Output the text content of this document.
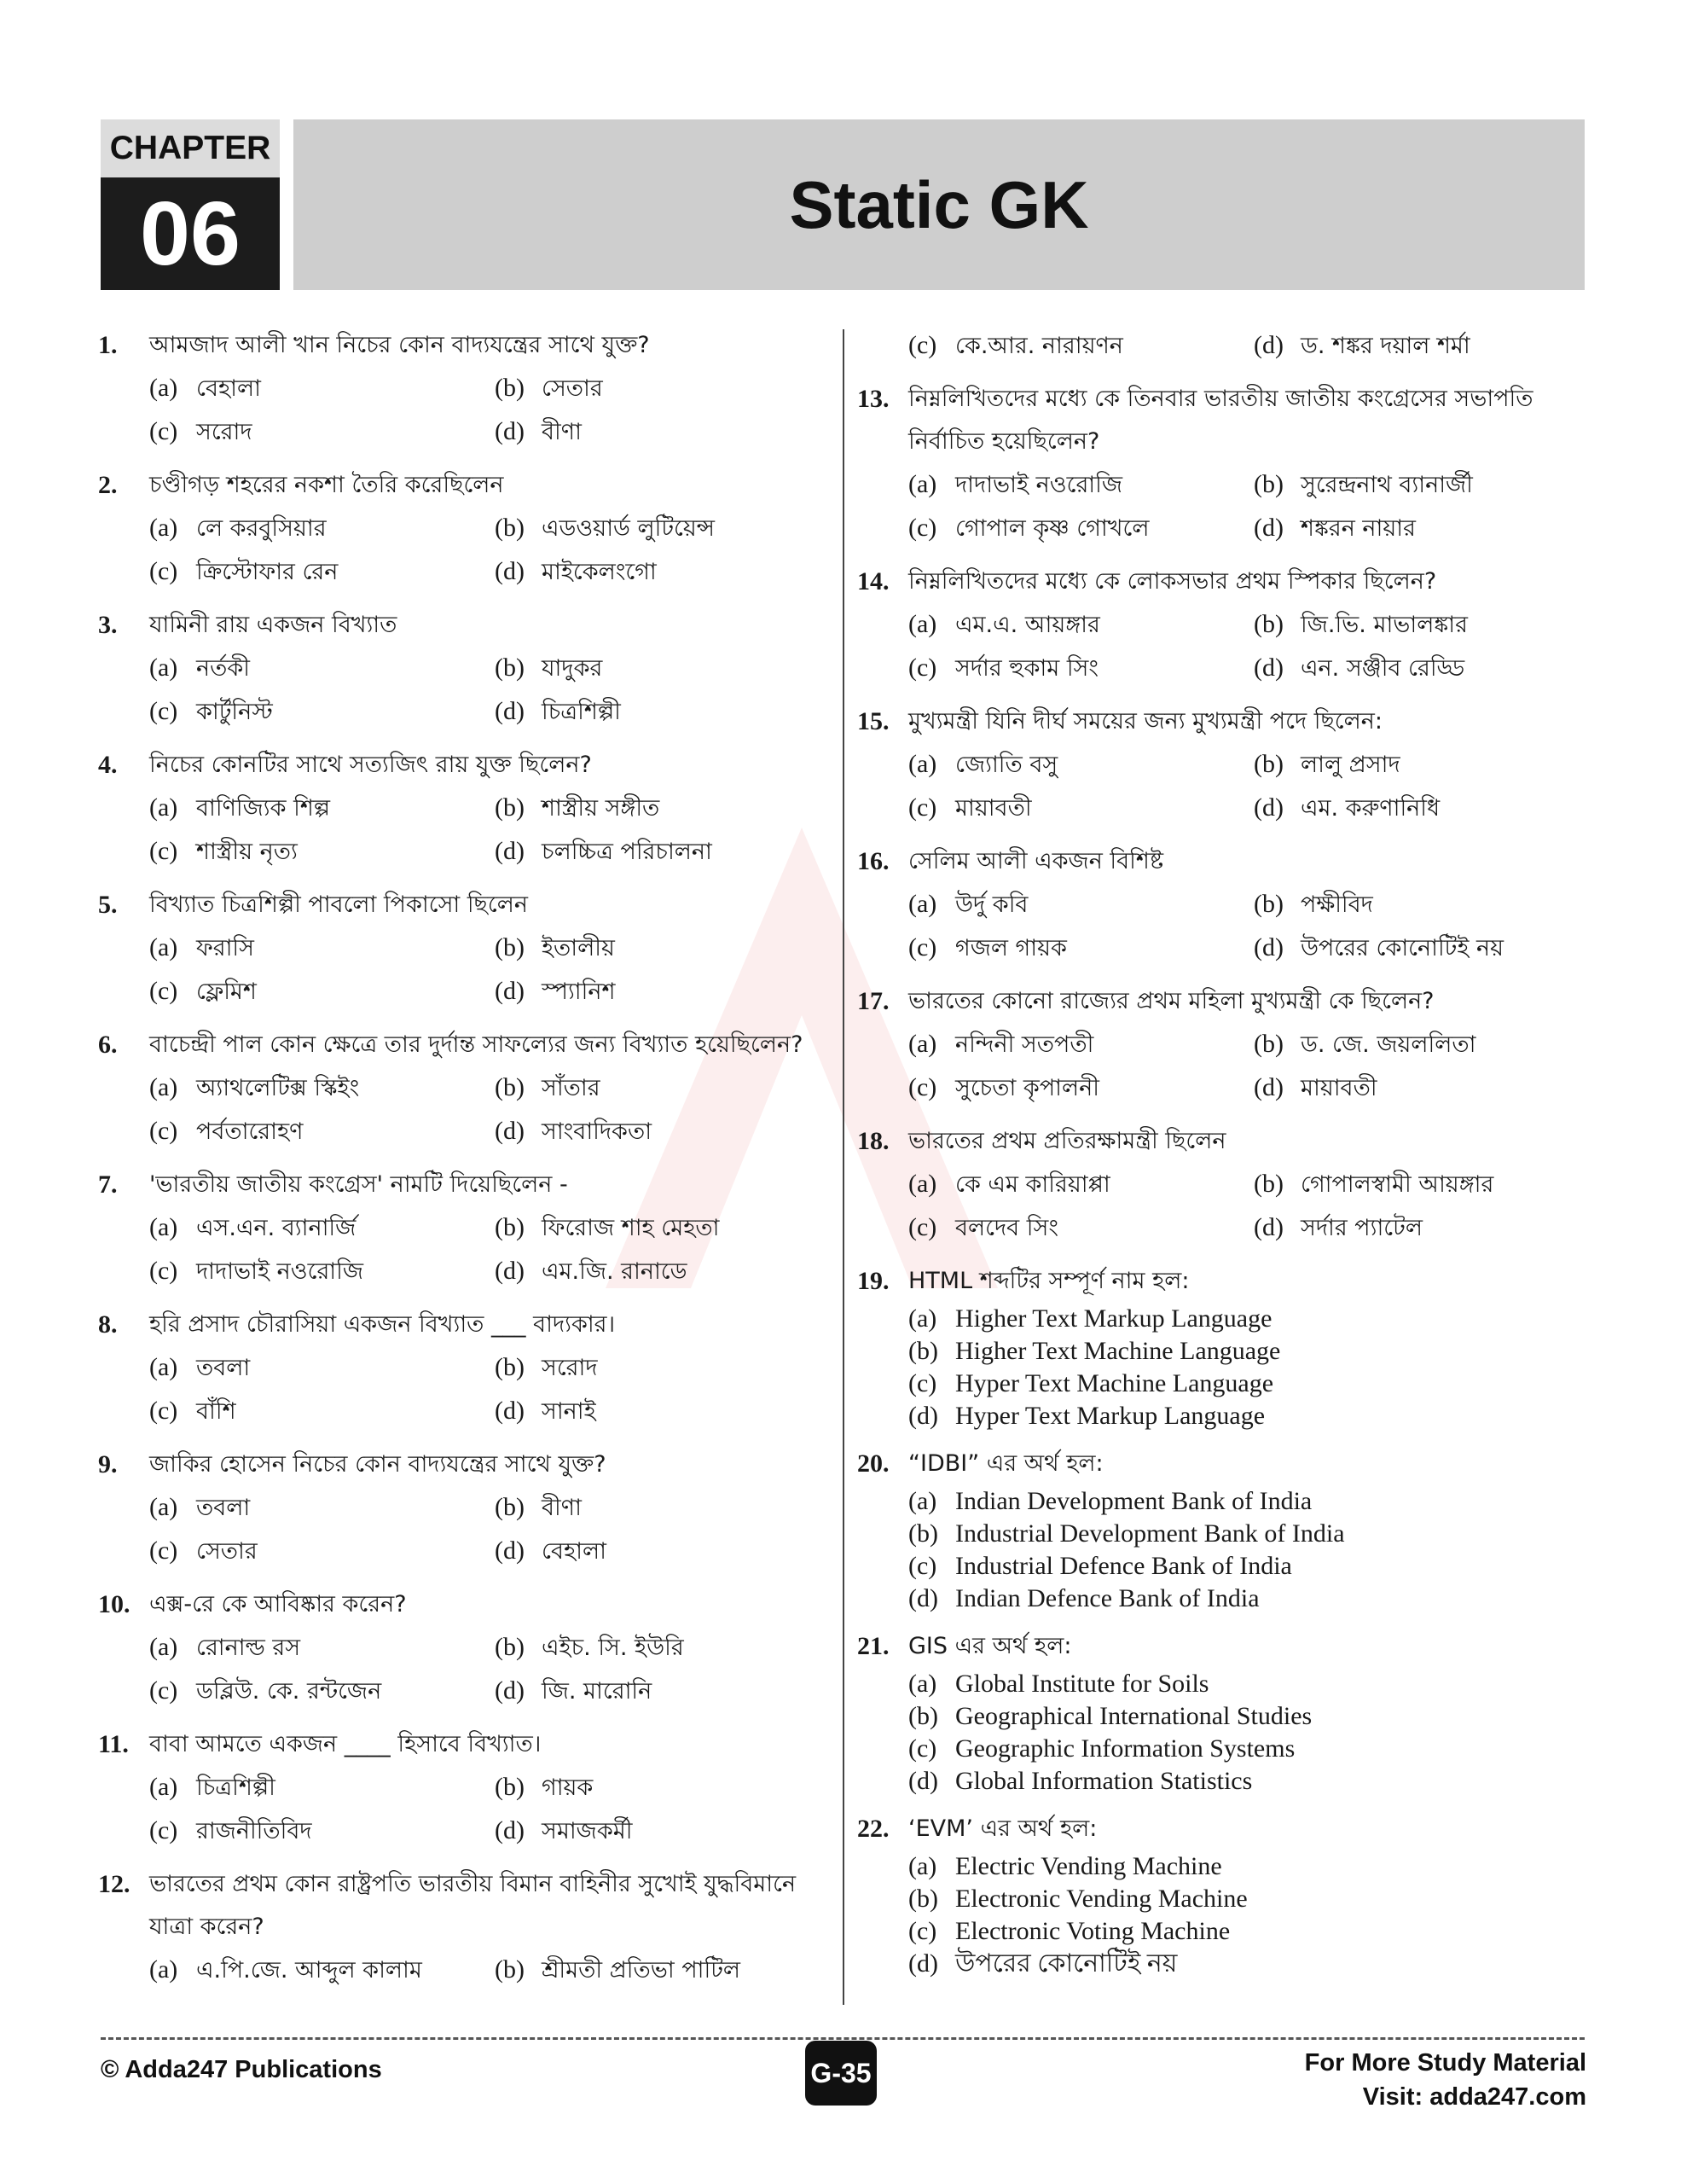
CHAPTER
06	Static GK
1. আমজাদ আলী খান নিচের কোন বাদ্যযন্ত্রের সাথে যুক্ত?
(a) বেহালা	(b) সেতার
(c) সরোদ	(d) বীণা
2. চণ্ডীগড় শহরের নকশা তৈরি করেছিলেন
(a) লে করবুসিয়ার	(b) এডওয়ার্ড লুটিয়েন্স
(c) ক্রিস্টোফার রেন	(d) মাইকেলংগো
3. যামিনী রায় একজন বিখ্যাত
(a) নর্তকী	(b) যাদুকর
(c) কার্টুনিস্ট	(d) চিত্রশিল্পী
4. নিচের কোনটির সাথে সত্যজিৎ রায় যুক্ত ছিলেন?
(a) বাণিজ্যিক শিল্প	(b) শাস্ত্রীয় সঙ্গীত
(c) শাস্ত্রীয় নৃত্য	(d) চলচ্চিত্র পরিচালনা
5. বিখ্যাত চিত্রশিল্পী পাবলো পিকাসো ছিলেন
(a) ফরাসি	(b) ইতালীয়
(c) ফ্লেমিশ	(d) স্প্যানিশ
6. বাচেন্দ্রী পাল কোন ক্ষেত্রে তার দুর্দান্ত সাফল্যের জন্য বিখ্যাত হয়েছিলেন?
(a) অ্যাথলেটিক্স স্কিইং	(b) সাঁতার
(c) পর্বতারোহণ	(d) সাংবাদিকতা
7. 'ভারতীয় জাতীয় কংগ্রেস' নামটি দিয়েছিলেন -
(a) এস.এন. ব্যানার্জি	(b) ফিরোজ শাহ মেহতা
(c) দাদাভাই নওরোজি	(d) এম.জি. রানাডে
8. হরি প্রসাদ চৌরাসিয়া একজন বিখ্যাত ___ বাদ্যকার।
(a) তবলা	(b) সরোদ
(c) বাঁশি	(d) সানাই
9. জাকির হোসেন নিচের কোন বাদ্যযন্ত্রের সাথে যুক্ত?
(a) তবলা	(b) বীণা
(c) সেতার	(d) বেহালা
10. এক্স-রে কে আবিষ্কার করেন?
(a) রোনাল্ড রস	(b) এইচ. সি. ইউরি
(c) ডব্লিউ. কে. রন্টজেন	(d) জি. মারোনি
11. বাবা আমতে একজন ____ হিসাবে বিখ্যাত।
(a) চিত্রশিল্পী	(b) গায়ক
(c) রাজনীতিবিদ	(d) সমাজকর্মী
12. ভারতের প্রথম কোন রাষ্ট্রপতি ভারতীয় বিমান বাহিনীর সুখোই যুদ্ধবিমানে যাত্রা করেন?
(a) এ.পি.জে. আব্দুল কালাম	(b) শ্রীমতী প্রতিভা পাটিল
(c) কে.আর. নারায়ণন	(d) ড. শঙ্কর দয়াল শর্মা
13. নিম্নলিখিতদের মধ্যে কে তিনবার ভারতীয় জাতীয় কংগ্রেসের সভাপতি নির্বাচিত হয়েছিলেন?
(a) দাদাভাই নওরোজি	(b) সুরেন্দ্রনাথ ব্যানার্জী
(c) গোপাল কৃষ্ণ গোখলে	(d) শঙ্করন নায়ার
14. নিম্নলিখিতদের মধ্যে কে লোকসভার প্রথম স্পিকার ছিলেন?
(a) এম.এ. আয়ঙ্গার	(b) জি.ভি. মাভালঙ্কার
(c) সর্দার হুকাম সিং	(d) এন. সঞ্জীব রেড্ডি
15. মুখ্যমন্ত্রী যিনি দীর্ঘ সময়ের জন্য মুখ্যমন্ত্রী পদে ছিলেন:
(a) জ্যোতি বসু	(b) লালু প্রসাদ
(c) মায়াবতী	(d) এম. করুণানিধি
16. সেলিম আলী একজন বিশিষ্ট
(a) উর্দু কবি	(b) পক্ষীবিদ
(c) গজল গায়ক	(d) উপরের কোনোটিই নয়
17. ভারতের কোনো রাজ্যের প্রথম মহিলা মুখ্যমন্ত্রী কে ছিলেন?
(a) নন্দিনী সতপতী	(b) ড. জে. জয়ললিতা
(c) সুচেতা কৃপালনী	(d) মায়াবতী
18. ভারতের প্রথম প্রতিরক্ষামন্ত্রী ছিলেন
(a) কে এম কারিয়াপ্পা	(b) গোপালস্বামী আয়ঙ্গার
(c) বলদেব সিং	(d) সর্দার প্যাটেল
19. HTML শব্দটির সম্পূর্ণ নাম হল:
(a) Higher Text Markup Language
(b) Higher Text Machine Language
(c) Hyper Text Machine Language
(d) Hyper Text Markup Language
20. “IDBI” এর অর্থ হল:
(a) Indian Development Bank of India
(b) Industrial Development Bank of India
(c) Industrial Defence Bank of India
(d) Indian Defence Bank of India
21. GIS এর অর্থ হল:
(a) Global Institute for Soils
(b) Geographical International Studies
(c) Geographic Information Systems
(d) Global Information Statistics
22. ‘EVM’ এর অর্থ হল:
(a) Electric Vending Machine
(b) Electronic Vending Machine
(c) Electronic Voting Machine
(d) উপরের কোনোটিই নয়
© Adda247 Publications	G-35	For More Study Material
Visit: adda247.com
